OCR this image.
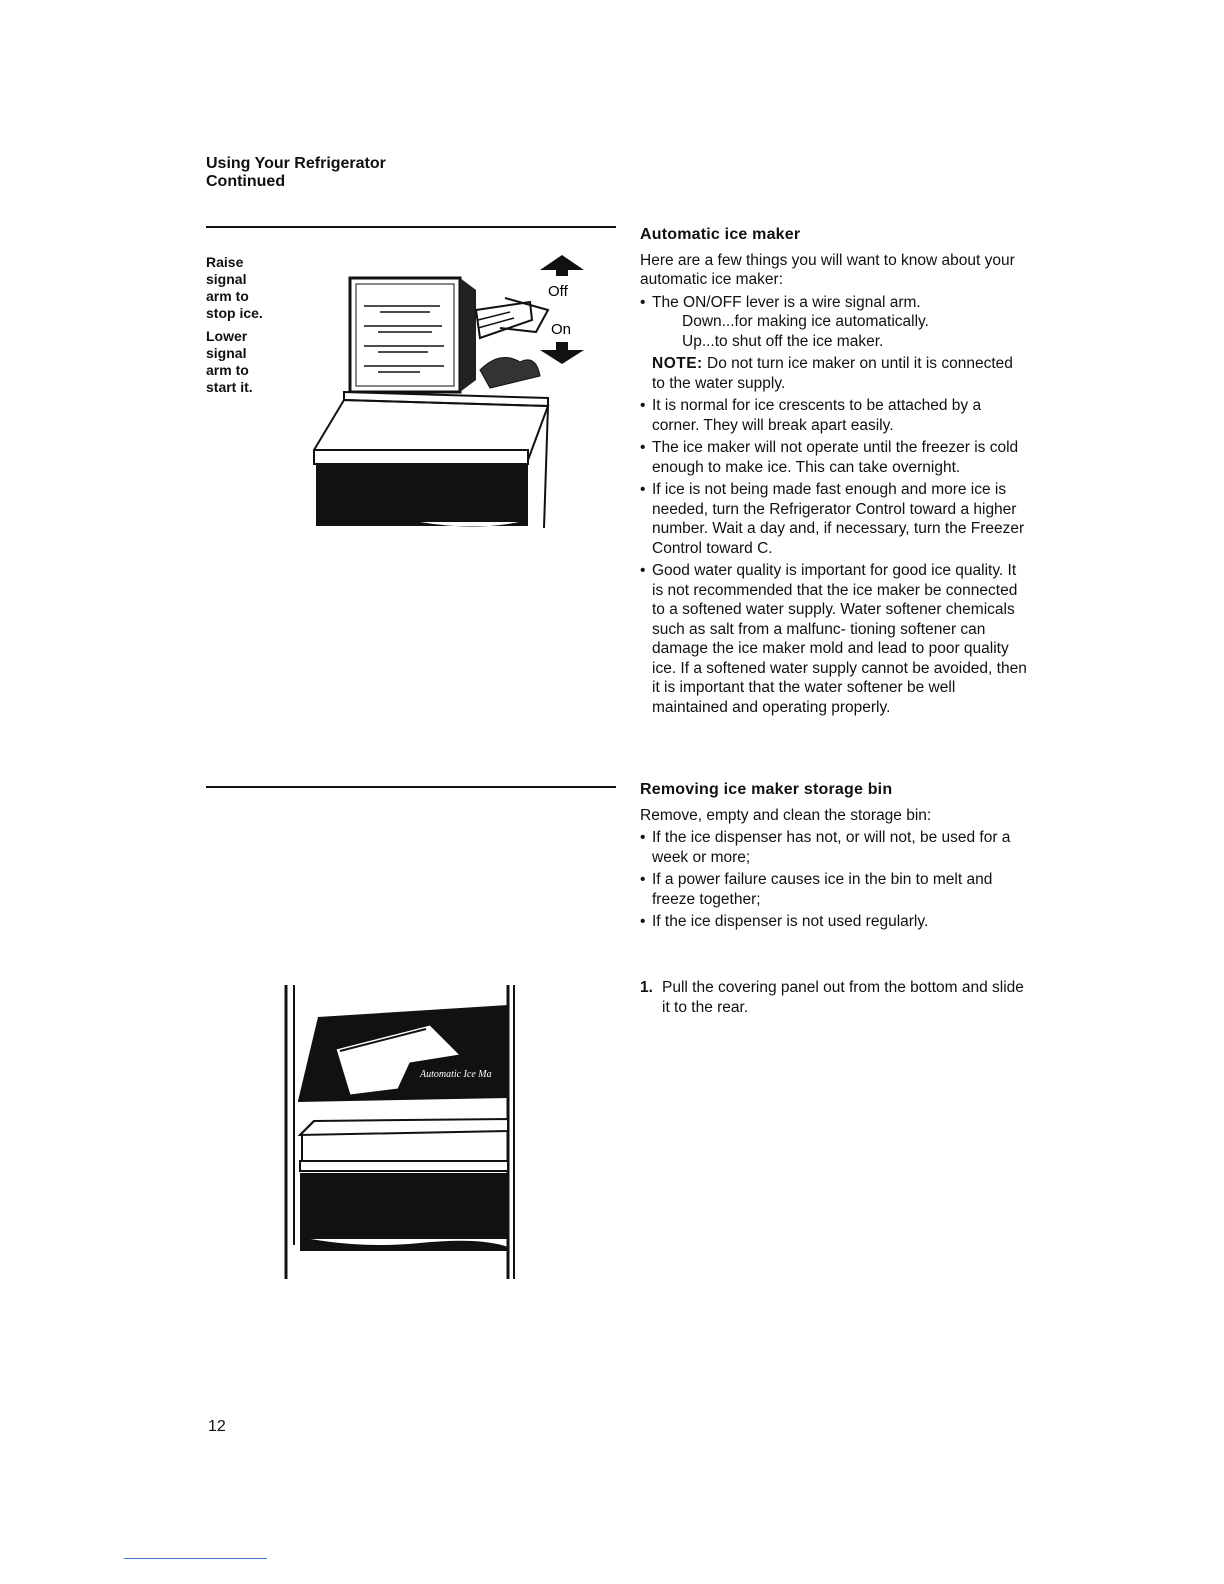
Using Your Refrigerator
Continued

Raise signal arm to stop ice.

Lower signal arm to start it.

Off
On
Automatic Ice Ma
Automatic ice maker

Here are a few things you will want to know about your automatic ice maker:

• The ON/OFF lever is a wire signal arm.
Down...for making ice automatically.
Up...to shut off the ice maker.

NOTE: Do not turn ice maker on until it is connected to the water supply.

• It is normal for ice crescents to be attached by a corner. They will break apart easily.
• The ice maker will not operate until the freezer is cold enough to make ice. This can take overnight.
• If ice is not being made fast enough and more ice is needed, turn the Refrigerator Control toward a higher number. Wait a day and, if necessary, turn the Freezer Control toward C.
• Good water quality is important for good ice quality. It is not recommended that the ice maker be connected to a softened water supply. Water softener chemicals such as salt from a malfunc- tioning softener can damage the ice maker mold and lead to poor quality ice. If a softened water supply cannot be avoided, then it is important that the water softener be well maintained and operating properly.
Removing ice maker storage bin

Remove, empty and clean the storage bin:

• If the ice dispenser has not, or will not, be used for a week or more;
• If a power failure causes ice in the bin to melt and freeze together;
• If the ice dispenser is not used regularly.

1. Pull the covering panel out from the bottom and slide it to the rear.

12
